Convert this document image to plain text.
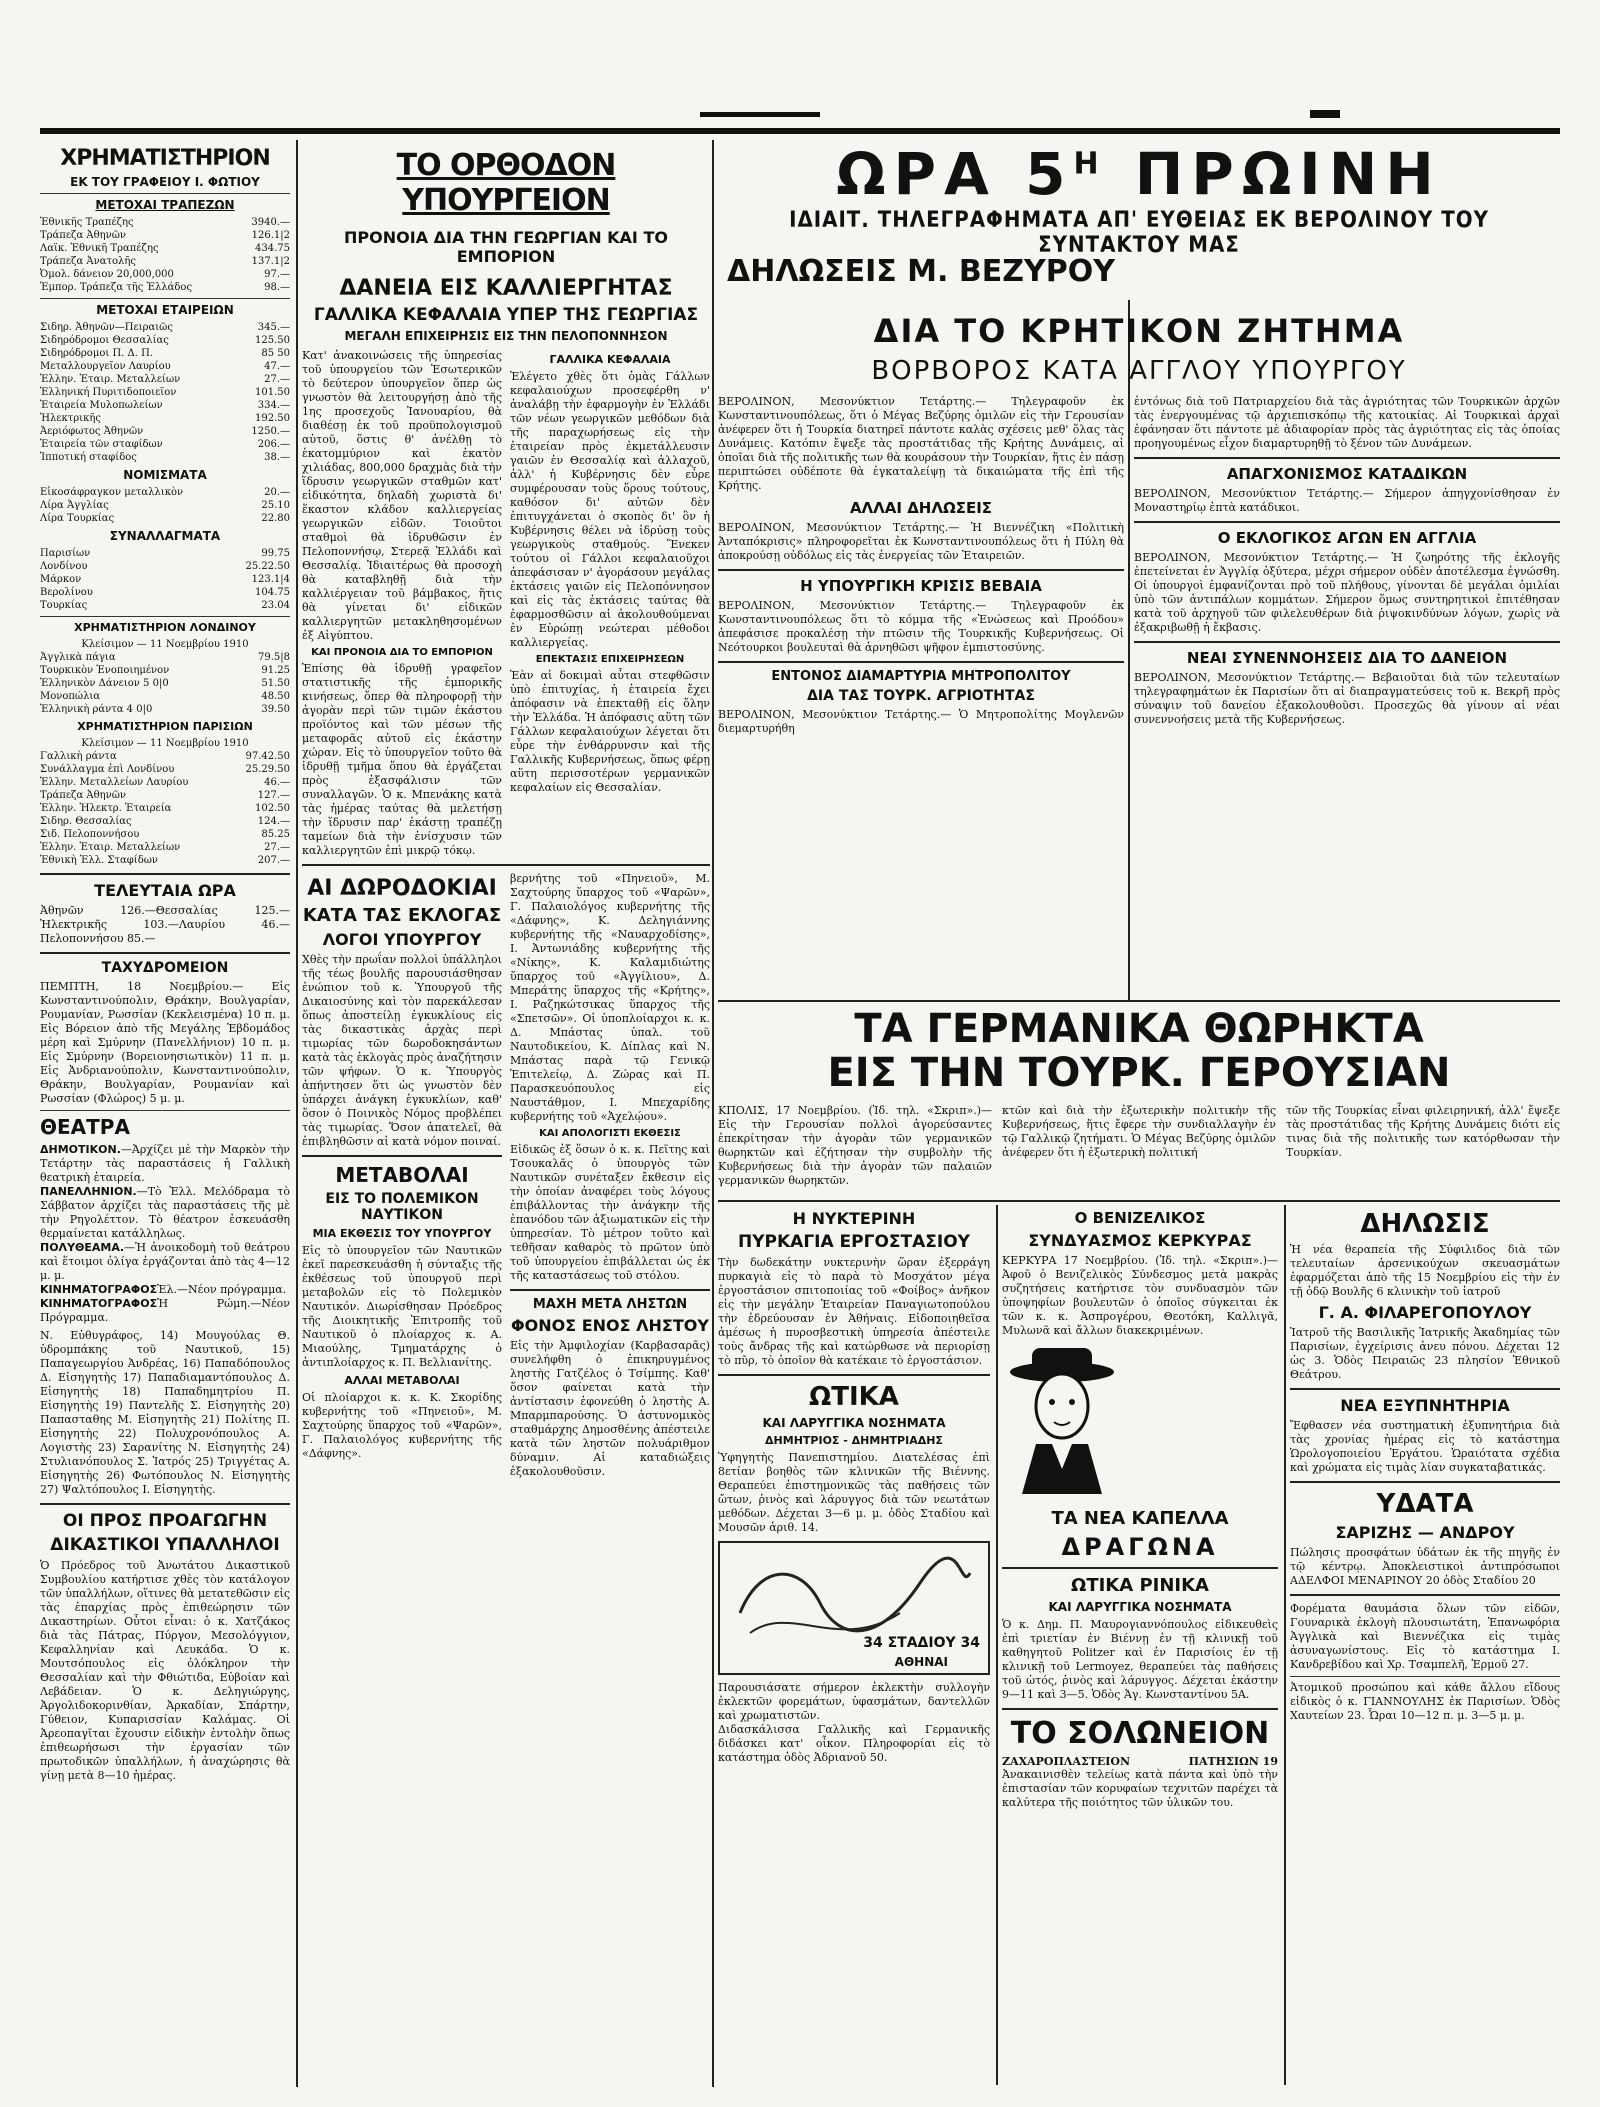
ΧΡΗΜΑΤΙΣΤΗΡΙΟΝ
ΕΚ ΤΟΥ ΓΡΑΦΕΙΟΥ Ι. ΦΩΤΙΟΥ
ΜΕΤΟΧΑΙ ΤΡΑΠΕΖΩΝ
Ἐθνικῆς Τραπέζης	3940.—
Τράπεζα Ἀθηνῶν	126.1|2
Λαϊκ. Ἐθνικῆ Τραπέζης	434.75
Τράπεζα Ἀνατολῆς	137.1|2
Ὀμολ. δάνειον 20,000,000	97.—
Ἐμπορ. Τράπεζα τῆς Ἑλλάδος	98.—
ΜΕΤΟΧΑΙ ΕΤΑΙΡΕΙΩΝ
Σιδηρ. Ἀθηνῶν—Πειραιῶς	345.—
Σιδηρόδρομοι Θεσσαλίας	125.50
Σιδηρόδρομοι Π. Δ. Π.	85 50
Μεταλλουργεῖον Λαυρίου	47.—
Ἑλλην. Ἐταιρ. Μεταλλείων	27.—
Ἑλληνική Πυριτιδοποιεῖον	101.50
Ἑταιρεία Μυλοπωλείων	334.—
Ἠλεκτρικῆς	192.50
Ἀεριόφωτος Ἀθηνῶν	1250.—
Ἑταιρεία τῶν σταφίδων	206.—
Ἱπποτική σταφίδος	38.—
ΝΟΜΙΣΜΑΤΑ
Εἰκοσάφραγκον μεταλλικὸν	20.—
Λίρα Ἀγγλίας	25.10
Λίρα Τουρκίας	22.80
ΣΥΝΑΛΛΑΓΜΑΤΑ
Παρισίων	99.75
Λονδίνου	25.22.50
Μάρκον	123.1|4
Βερολίνου	104.75
Τουρκίας	23.04
ΧΡΗΜΑΤΙΣΤΗΡΙΟΝ ΛΟΝΔΙΝΟΥ
Κλείσιμον — 11 Νοεμβρίου 1910
Ἀγγλικὰ πάγια	79.5|8
Τουρκικὸν Ἑνοποιημένον	91.25
Ἑλληνικὸν Δάνειον 5 0|0	51.50
Μονοπώλια	48.50
Ἑλληνικὴ ράντα 4 0|0	39.50
ΧΡΗΜΑΤΙΣΤΗΡΙΟΝ ΠΑΡΙΣΙΩΝ
Κλείσιμον — 11 Νοεμβρίου 1910
Γαλλικὴ ράντα	97.42.50
Συνάλλαγμα ἐπὶ Λονδίνου	25.29.50
Ἑλλην. Μεταλλείων Λαυρίου	46.—
Τράπεζα Ἀθηνῶν	127.—
Ἑλλην. Ἠλεκτρ. Ἑταιρεία	102.50
Σιδηρ. Θεσσαλίας	124.—
Σιδ. Πελοποννήσου	85.25
Ἑλλην. Ἐταιρ. Μεταλλείων	27.—
Ἐθνικὴ Ἑλλ. Σταφίδων	207.—
ΤΕΛΕΥΤΑΙΑ ΩΡΑ
Ἀθηνῶν 126.—Θεσσαλίας 125.—Ἠλεκτρικῆς 103.—Λαυρίου 46.—Πελοποννήσου 85.—
ΤΑΧΥΔΡΟΜΕΙΟΝ
ΠΕΜΠΤΗ, 18 Νοεμβρίου.— Εἰς Κωνσταντινούπολιν, Θράκην, Βουλγαρίαν, Ρουμανίαν, Ρωσσίαν (Κεκλεισμένα) 10 π. μ. Εἰς Βόρειον ἀπὸ τῆς Μεγάλης Ἑβδομάδος μέρη καὶ Σμύρνην (Πανελλήνιον) 10 π. μ. Εἰς Σμύρνην (Βορειονησιωτικὸν) 11 π. μ. Εἰς Ἀνδριανούπολιν, Κωνσταντινούπολιν, Θράκην, Βουλγαρίαν, Ρουμανίαν καὶ Ρωσσίαν (Φλώρος) 5 μ. μ.
ΘΕΑΤΡΑ
ΔΗΜΟΤΙΚΟΝ.—Ἀρχίζει μὲ τὴν Μαρκὸν τὴν Τετάρτην τὰς παραστάσεις ἡ Γαλλικὴ θεατρικὴ ἑταιρεία.
ΠΑΝΕΛΛΗΝΙΟΝ.—Τὸ Ἑλλ. Μελόδραμα τὸ Σάββατον ἀρχίζει τὰς παραστάσεις τῆς μὲ τὴν Ρηγολέττον. Τὸ θέατρον ἐσκευάσθη θερμαίνεται κατάλληλως.
ΠΟΛΥΘΕΑΜΑ.—Ἡ ἀνοικοδομὴ τοῦ θεάτρου καὶ ἕτοιμοι ὁλίγα ἐργάζονται ἀπὸ τὰς 4—12 μ. μ.
ΚΙΝΗΜΑΤΟΓΡΑΦΟΣἘλ.—Νέον πρόγραμμα.
ΚΙΝΗΜΑΤΟΓΡΑΦΟΣἩ Ρώμη.—Νέον Πρόγραμμα.
Ν. Εὐθυγράφος, 14) Μουγούλας Θ. ὑδρομπάκης τοῦ Ναυτικοῦ, 15) Παπαγεωργίου Ἀνδρέας, 16) Παπαδόπουλος Δ. Εἰσηγητὴς 17) Παπαδιαμαντόπουλος Δ. Εἰσηγητὴς 18) Παπαδημητρίου Π. Εἰσηγητὴς 19) Παντελῆς Σ. Εἰσηγητὴς 20) Παπασταθης Μ. Εἰσηγητὴς 21) Πολίτης Π. Εἰσηγητὴς 22) Πολυχρονόπουλος Α. Λογιστὴς 23) Σαρανίτης Ν. Εἰσηγητὴς 24) Στυλιανόπουλος Σ. Ἰατρός 25) Τριγγέτας Α. Εἰσηγητὴς 26) Φωτόπουλος Ν. Εἰσηγητὴς 27) Ψαλτόπουλος Ι. Εἰσηγητὴς.
ΟΙ ΠΡΟΣ ΠΡΟΑΓΩΓΗΝ
ΔΙΚΑΣΤΙΚΟΙ ΥΠΑΛΛΗΛΟΙ
Ὁ Πρόεδρος τοῦ Ἀνωτάτου Δικαστικοῦ Συμβουλίου κατήρτισε χθὲς τὸν κατάλογον τῶν ὑπαλλήλων, οἵτινες θὰ μετατεθῶσιν εἰς τὰς ἐπαρχίας πρὸς ἐπιθεώρησιν τῶν Δικαστηρίων. Οὗτοι εἶναι: ὁ κ. Χατζάκος διὰ τὰς Πάτρας, Πύργον, Μεσολόγγιον, Κεφαλληνίαν καὶ Λευκάδα. Ὁ κ. Μουτσόπουλος εἰς ὁλόκληρον τὴν Θεσσαλίαν καὶ τὴν Φθιώτιδα, Εὐβοίαν καὶ Λεβάδειαν. Ὁ κ. Δεληγιώργης, Ἀργολιδοκορινθίαν, Ἀρκαδίαν, Σπάρτην, Γύθειον, Κυπαρισσίαν Καλάμας. Οἱ Ἀρεοπαγῖται ἔχουσιν εἰδικὴν ἐντολὴν ὅπως ἐπιθεωρήσωσι τὴν ἐργασίαν τῶν πρωτοδικῶν ὑπαλλήλων, ἡ ἀναχώρησις θὰ γίνῃ μετὰ 8—10 ἡμέρας.
ΤΟ ΟΡΘΟΔΟΝ ΥΠΟΥΡΓΕΙΟΝ
ΠΡΟΝΟΙΑ ΔΙΑ ΤΗΝ ΓΕΩΡΓΙΑΝ ΚΑΙ ΤΟ ΕΜΠΟΡΙΟΝ
ΔΑΝΕΙΑ ΕΙΣ ΚΑΛΛΙΕΡΓΗΤΑΣ
ΓΑΛΛΙΚΑ ΚΕΦΑΛΑΙΑ ΥΠΕΡ ΤΗΣ ΓΕΩΡΓΙΑΣ
ΜΕΓΑΛΗ ΕΠΙΧΕΙΡΗΣΙΣ ΕΙΣ ΤΗΝ ΠΕΛΟΠΟΝΝΗΣΟΝ
Κατ' ἀνακοινώσεις τῆς ὑπηρεσίας τοῦ ὑπουργείου τῶν Ἐσωτερικῶν τὸ δεύτερον ὑπουργεῖον ὅπερ ὡς γνωστὸν θὰ λειτουργήσῃ ἀπὸ τῆς 1ης προσεχοῦς Ἰανουαρίου, θὰ διαθέσῃ ἐκ τοῦ προϋπολογισμοῦ αὐτοῦ, ὅστις θ' ἀνέλθῃ τὸ ἑκατομμύριον καὶ ἑκατὸν χιλιάδας, 800,000 δραχμὰς διὰ τὴν ἵδρυσιν γεωργικῶν σταθμῶν κατ' εἰδικότητα, δηλαδὴ χωριστὰ δι' ἕκαστον κλάδον καλλιεργείας γεωργικῶν εἰδῶν. Τοιοῦτοι σταθμοὶ θὰ ἱδρυθῶσιν ἐν Πελοποννήσῳ, Στερεᾷ Ἑλλάδι καὶ Θεσσαλίᾳ. Ἰδιαιτέρως θὰ προσοχὴ θὰ καταβληθῇ διὰ τὴν καλλιέργειαν τοῦ βάμβακος, ἥτις θὰ γίνεται δι' εἰδικῶν καλλιεργητῶν μετακληθησομένων ἐξ Αἰγύπτου.
ΚΑΙ ΠΡΟΝΟΙΑ ΔΙΑ ΤΟ ΕΜΠΟΡΙΟΝ
Ἐπίσης θὰ ἱδρυθῇ γραφεῖον στατιστικῆς τῆς ἐμπορικῆς κινήσεως, ὅπερ θὰ πληροφορῇ τὴν ἀγορὰν περὶ τῶν τιμῶν ἑκάστου προϊόντος καὶ τῶν μέσων τῆς μεταφορᾶς αὐτοῦ εἰς ἑκάστην χώραν. Εἰς τὸ ὑπουργεῖον τοῦτο θὰ ἱδρυθῇ τμῆμα ὅπου θὰ ἐργάζεται πρὸς ἐξασφάλισιν τῶν συναλλαγῶν. Ὁ κ. Μπενάκης κατὰ τὰς ἡμέρας ταύτας θὰ μελετήσῃ τὴν ἵδρυσιν παρ' ἑκάστῃ τραπέζῃ ταμείων διὰ τὴν ἐνίσχυσιν τῶν καλλιεργητῶν ἐπὶ μικρῷ τόκῳ.
ΓΑΛΛΙΚΑ ΚΕΦΑΛΑΙΑ
Ἐλέγετο χθὲς ὅτι ὁμὰς Γάλλων κεφαλαιούχων προσεφέρθη ν' ἀναλάβῃ τὴν ἐφαρμογὴν ἐν Ἑλλάδι τῶν νέων γεωργικῶν μεθόδων διὰ τῆς παραχωρήσεως εἰς τὴν ἑταιρείαν πρὸς ἐκμετάλλευσιν γαιῶν ἐν Θεσσαλίᾳ καὶ ἀλλαχοῦ, ἀλλ' ἡ Κυβέρνησις δὲν εὗρε συμφέρουσαν τοὺς ὅρους τούτους, καθόσον δι' αὐτῶν δὲν ἐπιτυγχάνεται ὁ σκοπὸς δι' ὃν ἡ Κυβέρνησις θέλει νὰ ἱδρύσῃ τοὺς γεωργικοὺς σταθμούς. Ἕνεκεν τούτου οἱ Γάλλοι κεφαλαιοῦχοι ἀπεφάσισαν ν' ἀγοράσουν μεγάλας ἐκτάσεις γαιῶν εἰς Πελοπόννησον καὶ εἰς τὰς ἐκτάσεις ταύτας θὰ ἐφαρμοσθῶσιν αἱ ἀκολουθούμεναι ἐν Εὐρώπῃ νεώτεραι μέθοδοι καλλιεργείας.
ΕΠΕΚΤΑΣΙΣ ΕΠΙΧΕΙΡΗΣΕΩΝ
Ἐὰν αἱ δοκιμαὶ αὗται στεφθῶσιν ὑπὸ ἐπιτυχίας, ἡ ἑταιρεία ἔχει ἀπόφασιν νὰ ἐπεκταθῇ εἰς ὅλην τὴν Ἑλλάδα. Ἡ ἀπόφασις αὕτη τῶν Γάλλων κεφαλαιούχων λέγεται ὅτι εὗρε τὴν ἐνθάρρυνσιν καὶ τῆς Γαλλικῆς Κυβερνήσεως, ὅπως φέρῃ αὕτη περισσοτέρων γερμανικῶν κεφαλαίων εἰς Θεσσαλίαν.
ΑΙ ΔΩΡΟΔΟΚΙΑΙ
ΚΑΤΑ ΤΑΣ ΕΚΛΟΓΑΣ
ΛΟΓΟΙ ΥΠΟΥΡΓΟΥ
Χθὲς τὴν πρωΐαν πολλοὶ ὑπάλληλοι τῆς τέως βουλῆς παρουσιάσθησαν ἐνώπιον τοῦ κ. Ὑπουργοῦ τῆς Δικαιοσύνης καὶ τὸν παρεκάλεσαν ὅπως ἀποστείλῃ ἐγκυκλίους εἰς τὰς δικαστικὰς ἀρχὰς περὶ τιμωρίας τῶν δωροδοκησάντων κατὰ τὰς ἐκλογὰς πρὸς ἀναζήτησιν τῶν ψήφων. Ὁ κ. Ὑπουργὸς ἀπήντησεν ὅτι ὡς γνωστὸν δὲν ὑπάρχει ἀνάγκη ἐγκυκλίων, καθ' ὅσον ὁ Ποινικὸς Νόμος προβλέπει τὰς τιμωρίας. Ὅσον ἀπατελεῖ, θὰ ἐπιβληθῶσιν αἱ κατὰ νόμον ποιναί.
ΜΕΤΑΒΟΛΑΙ
ΕΙΣ ΤΟ ΠΟΛΕΜΙΚΟΝ ΝΑΥΤΙΚΟΝ
ΜΙΑ ΕΚΘΕΣΙΣ ΤΟΥ ΥΠΟΥΡΓΟΥ
Εἰς τὸ ὑπουργεῖον τῶν Ναυτικῶν ἐκεῖ παρεσκευάσθη ἡ σύνταξις τῆς ἐκθέσεως τοῦ ὑπουργοῦ περὶ μεταβολῶν εἰς τὸ Πολεμικὸν Ναυτικόν. Διωρίσθησαν Πρόεδρος τῆς Διοικητικῆς Ἐπιτροπῆς τοῦ Ναυτικοῦ ὁ πλοίαρχος κ. Α. Μιαούλης, Τμηματάρχης ὁ ἀντιπλοίαρχος κ. Π. Βελλιανίτης.
ΑΛΛΑΙ ΜΕΤΑΒΟΛΑΙ
Οἱ πλοίαρχοι κ. κ. Κ. Σκορίδης κυβερνήτης τοῦ «Πηνειοῦ», Μ. Σαχτούρης ὕπαρχος τοῦ «Ψαρῶν», Γ. Παλαιολόγος κυβερνήτης τῆς «Δάφνης».
βερνήτης τοῦ «Πηνειοῦ», Μ. Σαχτούρης ὕπαρχος τοῦ «Ψαρῶν», Γ. Παλαιολόγος κυβερνήτης τῆς «Δάφνης», Κ. Δεληγιάννης κυβερνήτης τῆς «Ναυαρχοδίσης», Ι. Ἀντωνιάδης κυβερνήτης τῆς «Νίκης», Κ. Καλαμιδιώτης ὕπαρχος τοῦ «Ἀγγίλιου», Δ. Μπεράτης ὕπαρχος τῆς «Κρήτης», Ι. Ραζηκώτσικας ὕπαρχος τῆς «Σπετσῶν». Οἱ ὑποπλοίαρχοι κ. κ. Δ. Μπάστας ὑπαλ. τοῦ Ναυτοδικείου, Κ. Δίπλας καὶ Ν. Μπάστας παρὰ τῷ Γενικῷ Ἐπιτελείῳ, Δ. Ζώρας καὶ Π. Παρασκευόπουλος εἰς Ναυστάθμον, Ι. Μπεχαρίδης κυβερνήτης τοῦ «Ἀχελῴου».
ΚΑΙ ΑΠΟΛΟΓΙΣΤΙ ΕΚΘΕΣΙΣ
Εἰδικῶς ἐξ ὅσων ὁ κ. κ. Πεῖτης καὶ Τσουκαλᾶς ὁ ὑπουργὸς τῶν Ναυτικῶν συνέταξεν ἔκθεσιν εἰς τὴν ὁποίαν ἀναφέρει τοὺς λόγους ἐπιβάλλοντας τὴν ἀνάγκην τῆς ἐπανόδου τῶν ἀξιωματικῶν εἰς τὴν ὑπηρεσίαν. Τὸ μέτρον τοῦτο καὶ τεθῆσαν καθαρὸς τὸ πρῶτον ὑπὸ τοῦ ὑπουργείου ἐπιβάλλεται ὡς ἐκ τῆς καταστάσεως τοῦ στόλου.
ΜΑΧΗ ΜΕΤΑ ΛΗΣΤΩΝ
ΦΟΝΟΣ ΕΝΟΣ ΛΗΣΤΟΥ
Εἰς τὴν Ἀμφιλοχίαν (Καρβασαρᾶς) συνελήφθη ὁ ἐπικηρυγμένος ληστὴς Γατζέλος ὁ Τσίμπης. Καθ' ὅσον φαίνεται κατὰ τὴν ἀντίστασιν ἐφονεύθη ὁ ληστὴς Α. Μπαρμπαρούσης. Ὁ ἀστυνομικὸς σταθμάρχης Δημοσθένης ἀπέστειλε κατὰ τῶν ληστῶν πολυάριθμον δύναμιν. Αἱ καταδιώξεις ἐξακολουθοῦσιν.
ΩΡΑ $5^H$ ΠΡΩΙΝΗ
ΙΔΙΑΙΤ. ΤΗΛΕΓΡΑΦΗΜΑΤΑ ΑΠ' ΕΥΘΕΙΑΣ ΕΚ ΒΕΡΟΛΙΝΟΥ ΤΟΥ ΣΥΝΤΑΚΤΟΥ ΜΑΣ
ΔΗΛΩΣΕΙΣ Μ. ΒΕΖΥΡΟΥ
ΔΙΑ ΤΟ ΚΡΗΤΙΚΟΝ ΖΗΤΗΜΑ
ΒΟΡΒΟΡΟΣ ΚΑΤΑ ΑΓΓΛΟΥ ΥΠΟΥΡΓΟΥ
ΒΕΡΟΛΙΝΟΝ, Μεσονύκτιον Τετάρτης.— Τηλεγραφοῦν ἐκ Κωνσταντινουπόλεως, ὅτι ὁ Μέγας Βεζύρης ὁμιλῶν εἰς τὴν Γερουσίαν ἀνέφερεν ὅτι ἡ Τουρκία διατηρεῖ πάντοτε καλὰς σχέσεις μεθ' ὅλας τὰς Δυνάμεις. Κατόπιν ἔψεξε τὰς προστάτιδας τῆς Κρήτης Δυνάμεις, αἱ ὁποῖαι διὰ τῆς πολιτικῆς των θὰ κουράσουν τὴν Τουρκίαν, ἥτις ἐν πάσῃ περιπτώσει οὐδέποτε θὰ ἐγκαταλείψῃ τὰ δικαιώματα τῆς ἐπὶ τῆς Κρήτης.
ΑΛΛΑΙ ΔΗΛΩΣΕΙΣ
ΒΕΡΟΛΙΝΟΝ, Μεσονύκτιον Τετάρτης.— Ἡ Βιεννέζικη «Πολιτικὴ Ἀνταπόκρισις» πληροφορεῖται ἐκ Κωνσταντινουπόλεως ὅτι ἡ Πύλη θὰ ἀποκρούσῃ οὐδόλως εἰς τὰς ἐνεργείας τῶν Ἑταιρειῶν.
Η ΥΠΟΥΡΓΙΚΗ ΚΡΙΣΙΣ ΒΕΒΑΙΑ
ΒΕΡΟΛΙΝΟΝ, Μεσονύκτιον Τετάρτης.— Τηλεγραφοῦν ἐκ Κωνσταντινουπόλεως ὅτι τὸ κόμμα τῆς «Ἑνώσεως καὶ Προόδου» ἀπεφάσισε προκαλέσῃ τὴν πτῶσιν τῆς Τουρκικῆς Κυβερνήσεως. Οἱ Νεότουρκοι βουλευταὶ θὰ ἀρνηθῶσι ψῆφον ἐμπιστοσύνης.
ΕΝΤΟΝΟΣ ΔΙΑΜΑΡΤΥΡΙΑ ΜΗΤΡΟΠΟΛΙΤΟΥ
ΔΙΑ ΤΑΣ ΤΟΥΡΚ. ΑΓΡΙΟΤΗΤΑΣ
ΒΕΡΟΛΙΝΟΝ, Μεσονύκτιον Τετάρτης.— Ὁ Μητροπολίτης Μογλενῶν διεμαρτυρήθη
ἐντόνως διὰ τοῦ Πατριαρχείου διὰ τὰς ἀγριότητας τῶν Τουρκικῶν ἀρχῶν τὰς ἐνεργουμένας τῷ ἀρχιεπισκόπῳ τῆς κατοικίας. Αἱ Τουρκικαὶ ἀρχαὶ ἐφάνησαν ὅτι πάντοτε μὲ ἀδιαφορίαν πρὸς τὰς ἀγριότητας εἰς τὰς ὁποίας προηγουμένως εἶχον διαμαρτυρηθῇ τὸ ξένον τῶν Δυνάμεων.
ΑΠΑΓΧΟΝΙΣΜΟΣ ΚΑΤΑΔΙΚΩΝ
ΒΕΡΟΛΙΝΟΝ, Μεσονύκτιον Τετάρτης.— Σήμερον ἀπηγχονίσθησαν ἐν Μοναστηρίῳ ἑπτὰ κατάδικοι.
Ο ΕΚΛΟΓΙΚΟΣ ΑΓΩΝ ΕΝ ΑΓΓΛΙΑ
ΒΕΡΟΛΙΝΟΝ, Μεσονύκτιον Τετάρτης.— Ἡ ζωηρότης τῆς ἐκλογῆς ἐπετείνεται ἐν Ἀγγλίᾳ ὀξύτερα, μέχρι σήμερον οὐδὲν ἀποτέλεσμα ἐγνώσθη. Οἱ ὑπουργοὶ ἐμφανίζονται πρὸ τοῦ πλήθους, γίνονται δὲ μεγάλαι ὁμιλίαι ὑπὸ τῶν ἀντιπάλων κομμάτων. Σήμερον ὅμως συντηρητικοὶ ἐπιτέθησαν κατὰ τοῦ ἀρχηγοῦ τῶν φιλελευθέρων διὰ ῥιψοκινδύνων λόγων, χωρὶς νὰ ἐξακριβωθῇ ἡ ἔκβασις.
ΝΕΑΙ ΣΥΝΕΝΝΟΗΣΕΙΣ ΔΙΑ ΤΟ ΔΑΝΕΙΟΝ
ΒΕΡΟΛΙΝΟΝ, Μεσονύκτιον Τετάρτης.— Βεβαιοῦται διὰ τῶν τελευταίων τηλεγραφημάτων ἐκ Παρισίων ὅτι αἱ διαπραγματεύσεις τοῦ κ. Βεκρῆ πρὸς σύναψιν τοῦ δανείου ἐξακολουθοῦσι. Προσεχῶς θὰ γίνουν αἱ νέαι συνεννοήσεις μετὰ τῆς Κυβερνήσεως.
ΤΑ ΓΕΡΜΑΝΙΚΑ ΘΩΡΗΚΤΑ
ΕΙΣ ΤΗΝ ΤΟΥΡΚ. ΓΕΡΟΥΣΙΑΝ
ΚΠΟΛΙΣ, 17 Νοεμβρίου. (Ἰδ. τηλ. «Σκριπ».)— Εἰς τὴν Γερουσίαν πολλοὶ ἀγορεύσαντες ἐπεκρίτησαν τὴν ἀγορὰν τῶν γερμανικῶν θωρηκτῶν καὶ ἐζήτησαν τὴν συμβολὴν τῆς Κυβερνήσεως διὰ τὴν ἀγορὰν τῶν παλαιῶν γερμανικῶν θωρηκτῶν.
κτῶν καὶ διὰ τὴν ἐξωτερικὴν πολιτικὴν τῆς Κυβερνήσεως, ἥτις ἔφερε τὴν συνδιαλλαγὴν ἐν τῷ Γαλλικῷ ζητήματι. Ὁ Μέγας Βεζύρης ὁμιλῶν ἀνέφερεν ὅτι ἡ ἐξωτερικὴ πολιτική
τῶν τῆς Τουρκίας εἶναι φιλειρηνική, ἀλλ' ἔψεξε τὰς προστάτιδας τῆς Κρήτης Δυνάμεις διότι εἰς τινας διὰ τῆς πολιτικῆς των κατόρθωσαν τὴν Τουρκίαν.
Η ΝΥΚΤΕΡΙΝΗ
ΠΥΡΚΑΓΙΑ ΕΡΓΟΣΤΑΣΙΟΥ
Τὴν δωδεκάτην νυκτερινὴν ὥραν ἐξερράγη πυρκαγιὰ εἰς τὸ παρὰ τὸ Μοσχάτον μέγα ἐργοστάσιον σπιτοποιίας τοῦ «Φοίβος» ἀνῆκον εἰς τὴν μεγάλην Ἑταιρείαν Παναγιωτοπούλου τὴν ἑδρεύουσαν ἐν Ἀθήναις. Εἰδοποιηθεῖσα ἀμέσως ἡ πυροσβεστικὴ ὑπηρεσία ἀπέστειλε τοὺς ἄνδρας τῆς καὶ κατώρθωσε νὰ περιορίσῃ τὸ πῦρ, τὸ ὁποῖον θὰ κατέκαιε τὸ ἐργοστάσιον.
ΩΤΙΚΑ
ΚΑΙ ΛΑΡΥΓΓΙΚΑ ΝΟΣΗΜΑΤΑ
ΔΗΜΗΤΡΙΟΣ - ΔΗΜΗΤΡΙΑΔΗΣ
Ὑφηγητὴς Πανεπιστημίου. Διατελέσας ἐπὶ 8ετίαν βοηθὸς τῶν κλινικῶν τῆς Βιέννης. Θεραπεύει ἐπιστημονικῶς τὰς παθήσεις τῶν ὤτων, ῥινὸς καὶ λάρυγγος διὰ τῶν νεωτάτων μεθόδων. Δέχεται 3—6 μ. μ. ὁδὸς Σταδίου καὶ Μουσῶν ἀριθ. 14.
34 ΣΤΑΔΙΟΥ 34
ΑΘΗΝΑΙ
Παρουσιάσατε σήμερον ἐκλεκτὴν συλλογὴν ἐκλεκτῶν φορεμάτων, ὑφασμάτων, δαντελλῶν καὶ χρωματιστῶν.
Διδασκάλισσα Γαλλικῆς καὶ Γερμανικῆς διδάσκει κατ' οἶκον. Πληροφορίαι εἰς τὸ κατάστημα ὁδὸς Ἀδριανοῦ 50.
Ο ΒΕΝΙΖΕΛΙΚΟΣ
ΣΥΝΔΥΑΣΜΟΣ ΚΕΡΚΥΡΑΣ
ΚΕΡΚΥΡΑ 17 Νοεμβρίου. (Ἰδ. τηλ. «Σκριπ».)— Ἀφοῦ ὁ Βενιζελικὸς Σύνδεσμος μετὰ μακρὰς συζητήσεις κατήρτισε τὸν συνδυασμὸν τῶν ὑποψηφίων βουλευτῶν ὁ ὁποῖος σύγκειται ἐκ τῶν κ. κ. Ἀσπρογέρου, Θεοτόκη, Καλλιγᾶ, Μυλωνᾶ καὶ ἄλλων διακεκριμένων.
ΤΑ ΝΕΑ ΚΑΠΕΛΛΑ
ΔΡΑΓΩΝΑ
ΩΤΙΚΑ ΡΙΝΙΚΑ
ΚΑΙ ΛΑΡΥΓΓΙΚΑ ΝΟΣΗΜΑΤΑ
Ὁ κ. Δημ. Π. Μαυρογιαννόπουλος εἰδικευθεὶς ἐπὶ τριετίαν ἐν Βιέννῃ ἐν τῇ κλινικῇ τοῦ καθηγητοῦ Politzer καὶ ἐν Παρισίοις ἐν τῇ κλινικῇ τοῦ Lermoyez, θεραπεύει τὰς παθήσεις τοῦ ὠτός, ῥινὸς καὶ λάρυγγος. Δέχεται ἑκάστην 9—11 καὶ 3—5. Ὁδὸς Ἀγ. Κωνσταντίνου 5Α.
ΤΟ ΣΟΛΩΝΕΙΟΝ
ΖΑΧΑΡΟΠΛΑΣΤΕΙΟΝ	ΠΑΤΗΣΙΩΝ 19
Ἀνακαινισθὲν τελείως κατὰ πάντα καὶ ὑπὸ τὴν ἐπιστασίαν τῶν κορυφαίων τεχνιτῶν παρέχει τὰ καλύτερα τῆς ποιότητος τῶν ὑλικῶν του.
ΔΗΛΩΣΙΣ
Ἡ νέα θεραπεία τῆς Σύφιλιδος διὰ τῶν τελευταίων ἀρσενικούχων σκευασμάτων ἐφαρμόζεται ἀπὸ τῆς 15 Νοεμβρίου εἰς τὴν ἐν τῇ ὁδῷ Βουλῆς 6 κλινικὴν τοῦ ἰατροῦ
Γ. Α. ΦΙΛΑΡΕΓΟΠΟΥΛΟΥ
Ἰατροῦ τῆς Βασιλικῆς Ἰατρικῆς Ἀκαδημίας τῶν Παρισίων, ἐγχείρισις ἀνευ πόνου. Δέχεται 12 ὡς 3. Ὁδὸς Πειραιῶς 23 πλησίον Ἐθνικοῦ Θεάτρου.
ΝΕΑ ΕΞΥΠΝΗΤΗΡΙΑ
Ἔφθασεν νέα συστηματικὴ ἐξυπνητήρια διὰ τὰς χρονίας ἡμέρας εἰς τὸ κατάστημα Ὡρολογοποιείου Ἐργάτου. Ὡραιότατα σχέδια καὶ χρώματα εἰς τιμὰς λίαν συγκαταβατικάς.
ΥΔΑΤΑ
ΣΑΡΙΖΗΣ — ΑΝΔΡΟΥ
Πώλησις προσφάτων ὑδάτων ἐκ τῆς πηγῆς ἐν τῷ κέντρῳ. Ἀποκλειστικοὶ ἀντιπρόσωποι ΑΔΕΛΦΟΙ ΜΕΝΑΡΙΝΟΥ 20 ὁδὸς Σταδίου 20
Φορέματα θαυμάσια ὅλων τῶν εἰδῶν, Γουναρικὰ ἐκλογὴ πλουσιωτάτη, Ἐπανωφόρια Ἀγγλικὰ καὶ Βιεννέζικα εἰς τιμὰς ἀσυναγωνίστους. Εἰς τὸ κατάστημα Ι. Κανδρεβίδου καὶ Χρ. Τσαμπελῆ, Ἑρμοῦ 27.
Ἀτομικοῦ προσώπου καὶ κάθε ἄλλου εἴδους εἰδικὸς ὁ κ. ΓΙΑΝΝΟΥΛΗΣ ἐκ Παρισίων. Ὁδὸς Χαυτείων 23. Ὧραι 10—12 π. μ. 3—5 μ. μ.
